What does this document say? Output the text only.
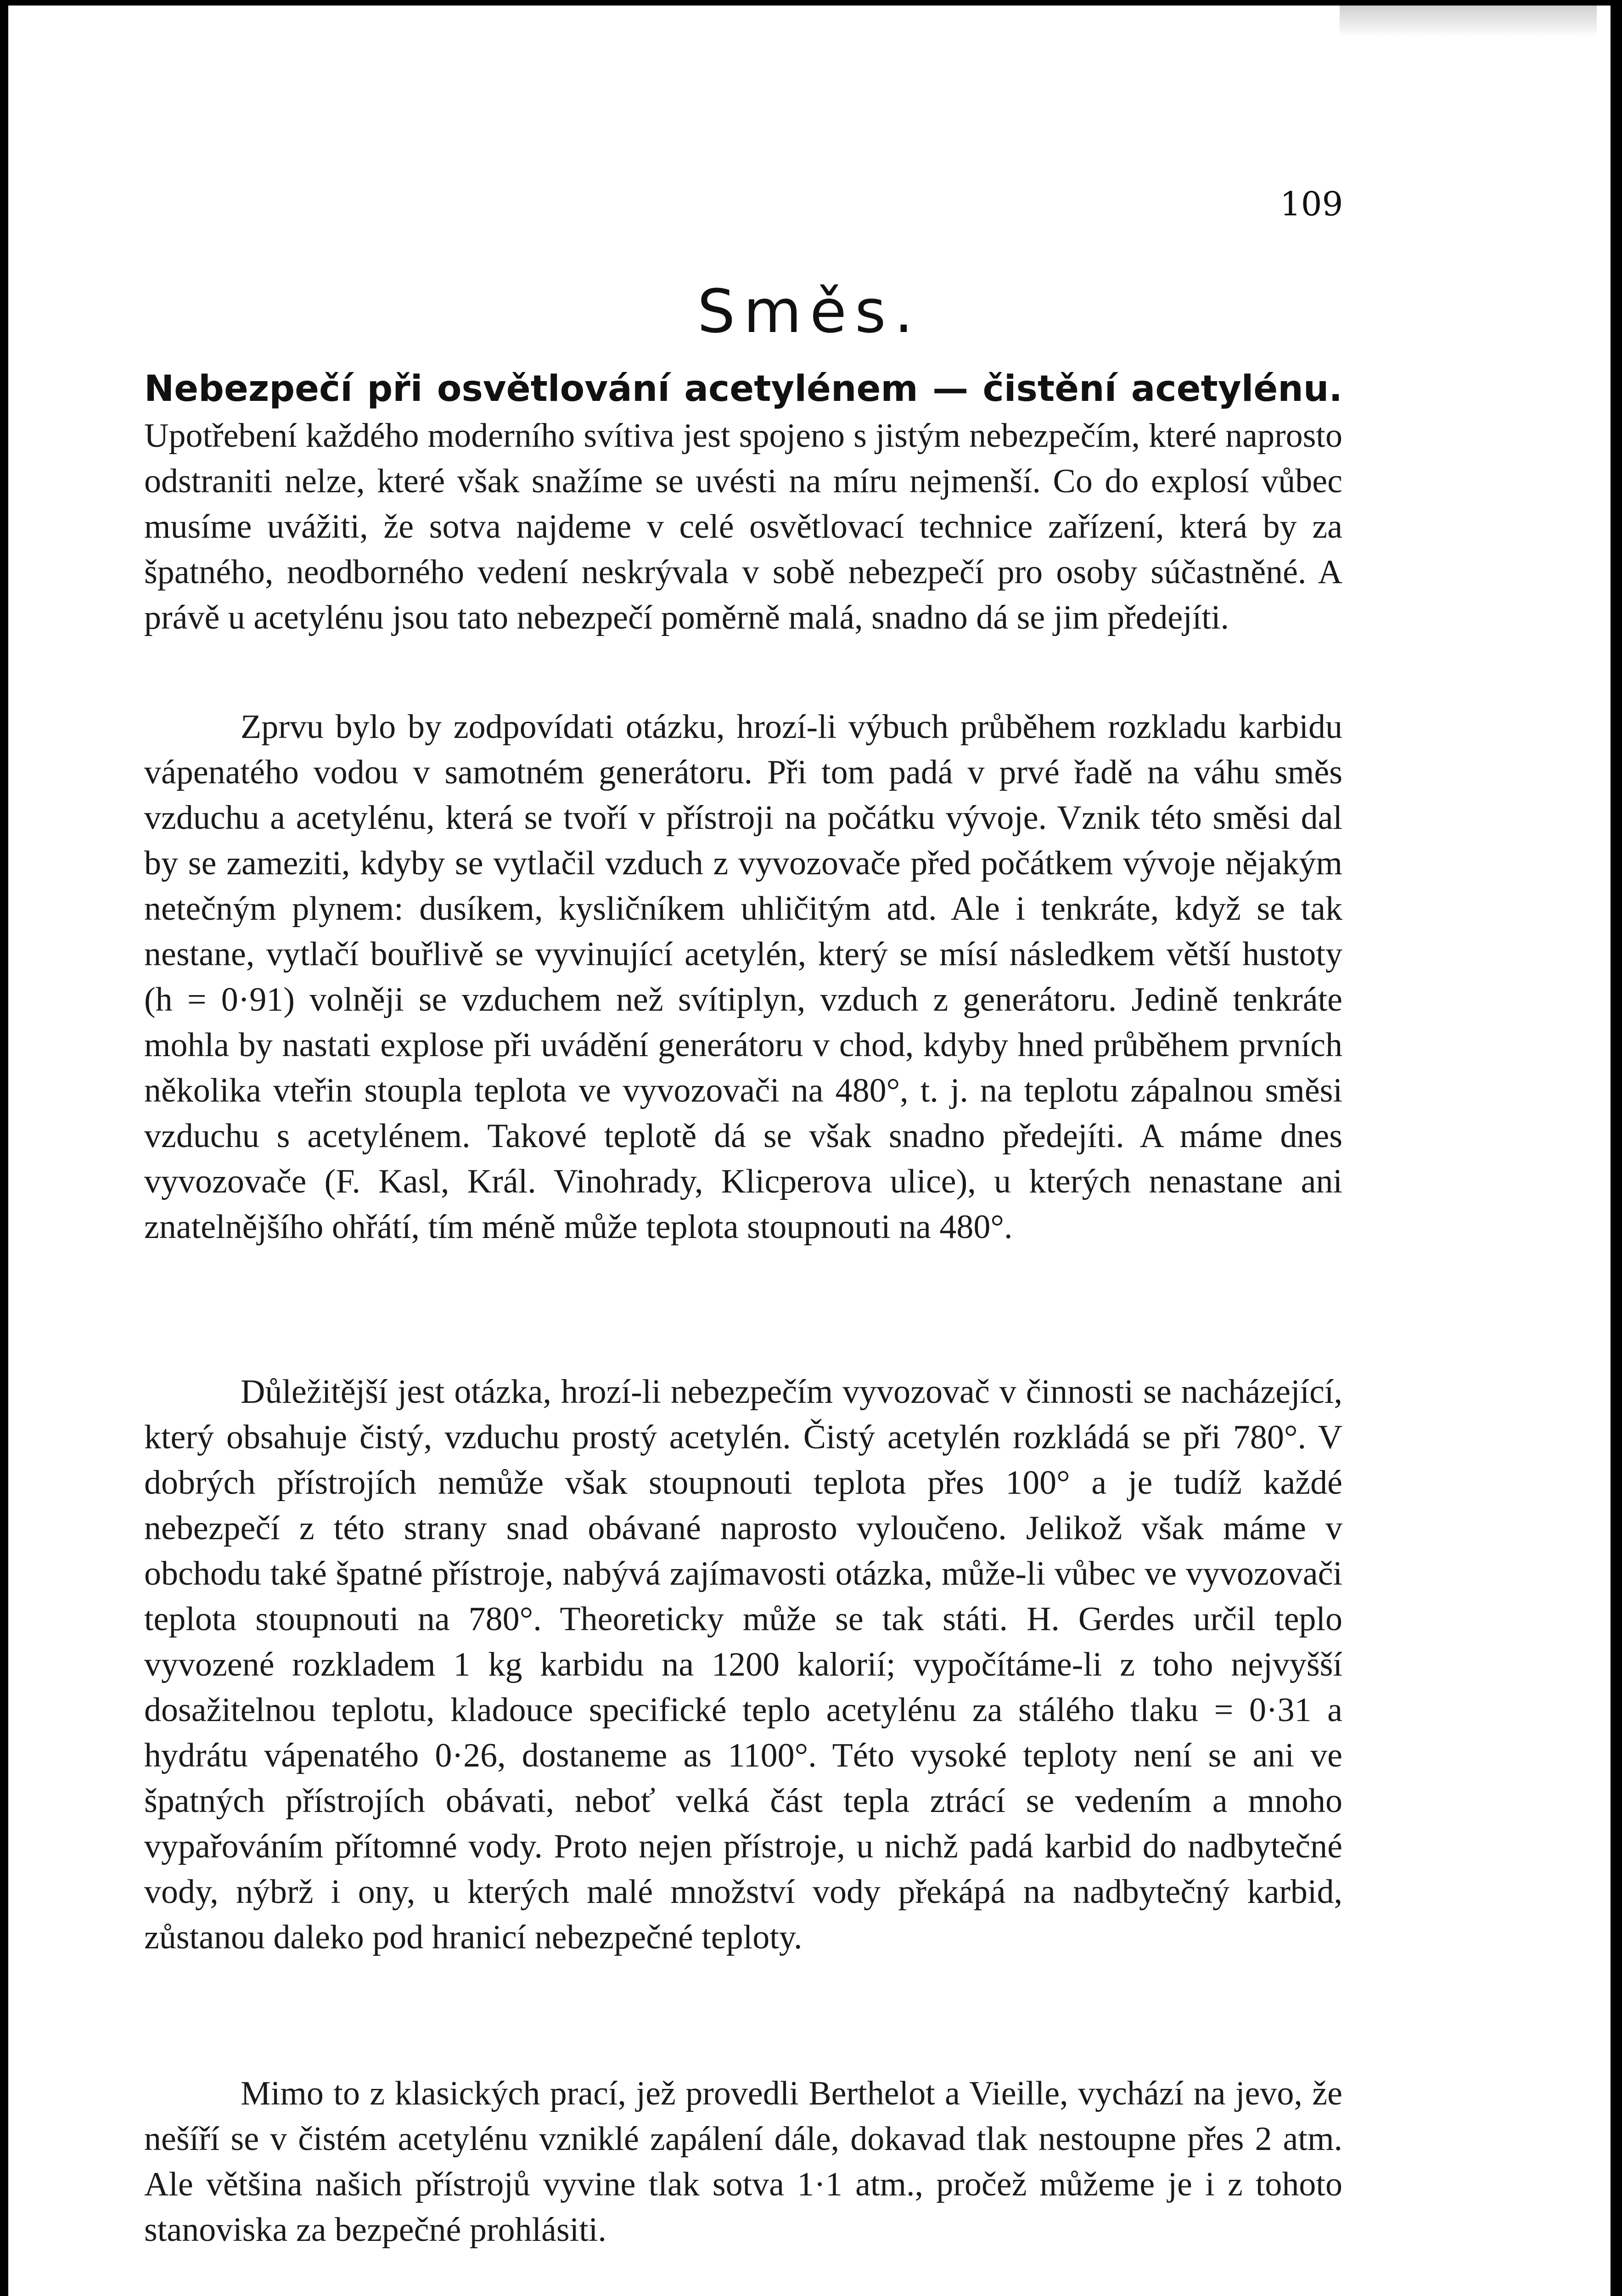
109
Směs.
Nebezpečí při osvětlování acetylénem — čistění acetylénu.

Upotřebení každého moderního svítiva jest spojeno s jistým nebezpečím, které naprosto odstraniti nelze, které však snažíme se uvésti na míru nejmenší. Co do explosí vůbec musíme uvážiti, že sotva najdeme v celé osvětlovací technice zařízení, která by za špatného, neodborného vedení neskrývala v sobě nebezpečí pro osoby súčastněné. A právě u acetylénu jsou tato nebezpečí poměrně malá, snadno dá se jim předejíti.

Zprvu bylo by zodpovídati otázku, hrozí-li výbuch průběhem rozkladu karbidu vápenatého vodou v samotném generátoru. Při tom padá v prvé řadě na váhu směs vzduchu a acetylénu, která se tvoří v přístroji na počátku vývoje. Vznik této směsi dal by se zameziti, kdyby se vytlačil vzduch z vyvozovače před počátkem vývoje nějakým netečným plynem: dusíkem, kysličníkem uhličitým atd. Ale i tenkráte, když se tak nestane, vytlačí bouřlivě se vyvinující acetylén, který se mísí následkem větší hustoty (h = 0·91) volněji se vzduchem než svítiplyn, vzduch z generátoru. Jedině tenkráte mohla by nastati explose při uvádění generátoru v chod, kdyby hned průběhem prvních několika vteřin stoupla teplota ve vyvozovači na 480°, t. j. na teplotu zápalnou směsi vzduchu s acetylénem. Takové teplotě dá se však snadno předejíti. A máme dnes vyvozovače (F. Kasl, Král. Vinohrady, Klicperova ulice), u kterých nenastane ani znatelnějšího ohřátí, tím méně může teplota stoupnouti na 480°.

Důležitější jest otázka, hrozí-li nebezpečím vyvozovač v činnosti se nacházející, který obsahuje čistý, vzduchu prostý acetylén. Čistý acetylén rozkládá se při 780°. V dobrých přístrojích nemůže však stoupnouti teplota přes 100° a je tudíž každé nebezpečí z této strany snad obávané naprosto vyloučeno. Jelikož však máme v obchodu také špatné přístroje, nabývá zajímavosti otázka, může-li vůbec ve vyvozovači teplota stoupnouti na 780°. Theoreticky může se tak státi. H. Gerdes určil teplo vyvozené rozkladem 1 kg karbidu na 1200 kalorií; vypočítáme-li z toho nejvyšší dosažitelnou teplotu, kladouce specifické teplo acetylénu za stálého tlaku = 0·31 a hydrátu vápenatého 0·26, dostaneme as 1100°. Této vysoké teploty není se ani ve špatných přístrojích obávati, neboť velká část tepla ztrácí se vedením a mnoho vypařováním přítomné vody. Proto nejen přístroje, u nichž padá karbid do nadbytečné vody, nýbrž i ony, u kterých malé množství vody překápá na nadbytečný karbid, zůstanou daleko pod hranicí nebezpečné teploty.

Mimo to z klasických prací, jež provedli Berthelot a Vieille, vychází na jevo, že nešíří se v čistém acetylénu vzniklé zapálení dále, dokavad tlak nestoupne přes 2 atm. Ale většina našich přístrojů vyvine tlak sotva 1·1 atm., pročež můžeme je i z tohoto stanoviska za bezpečné prohlásiti.
